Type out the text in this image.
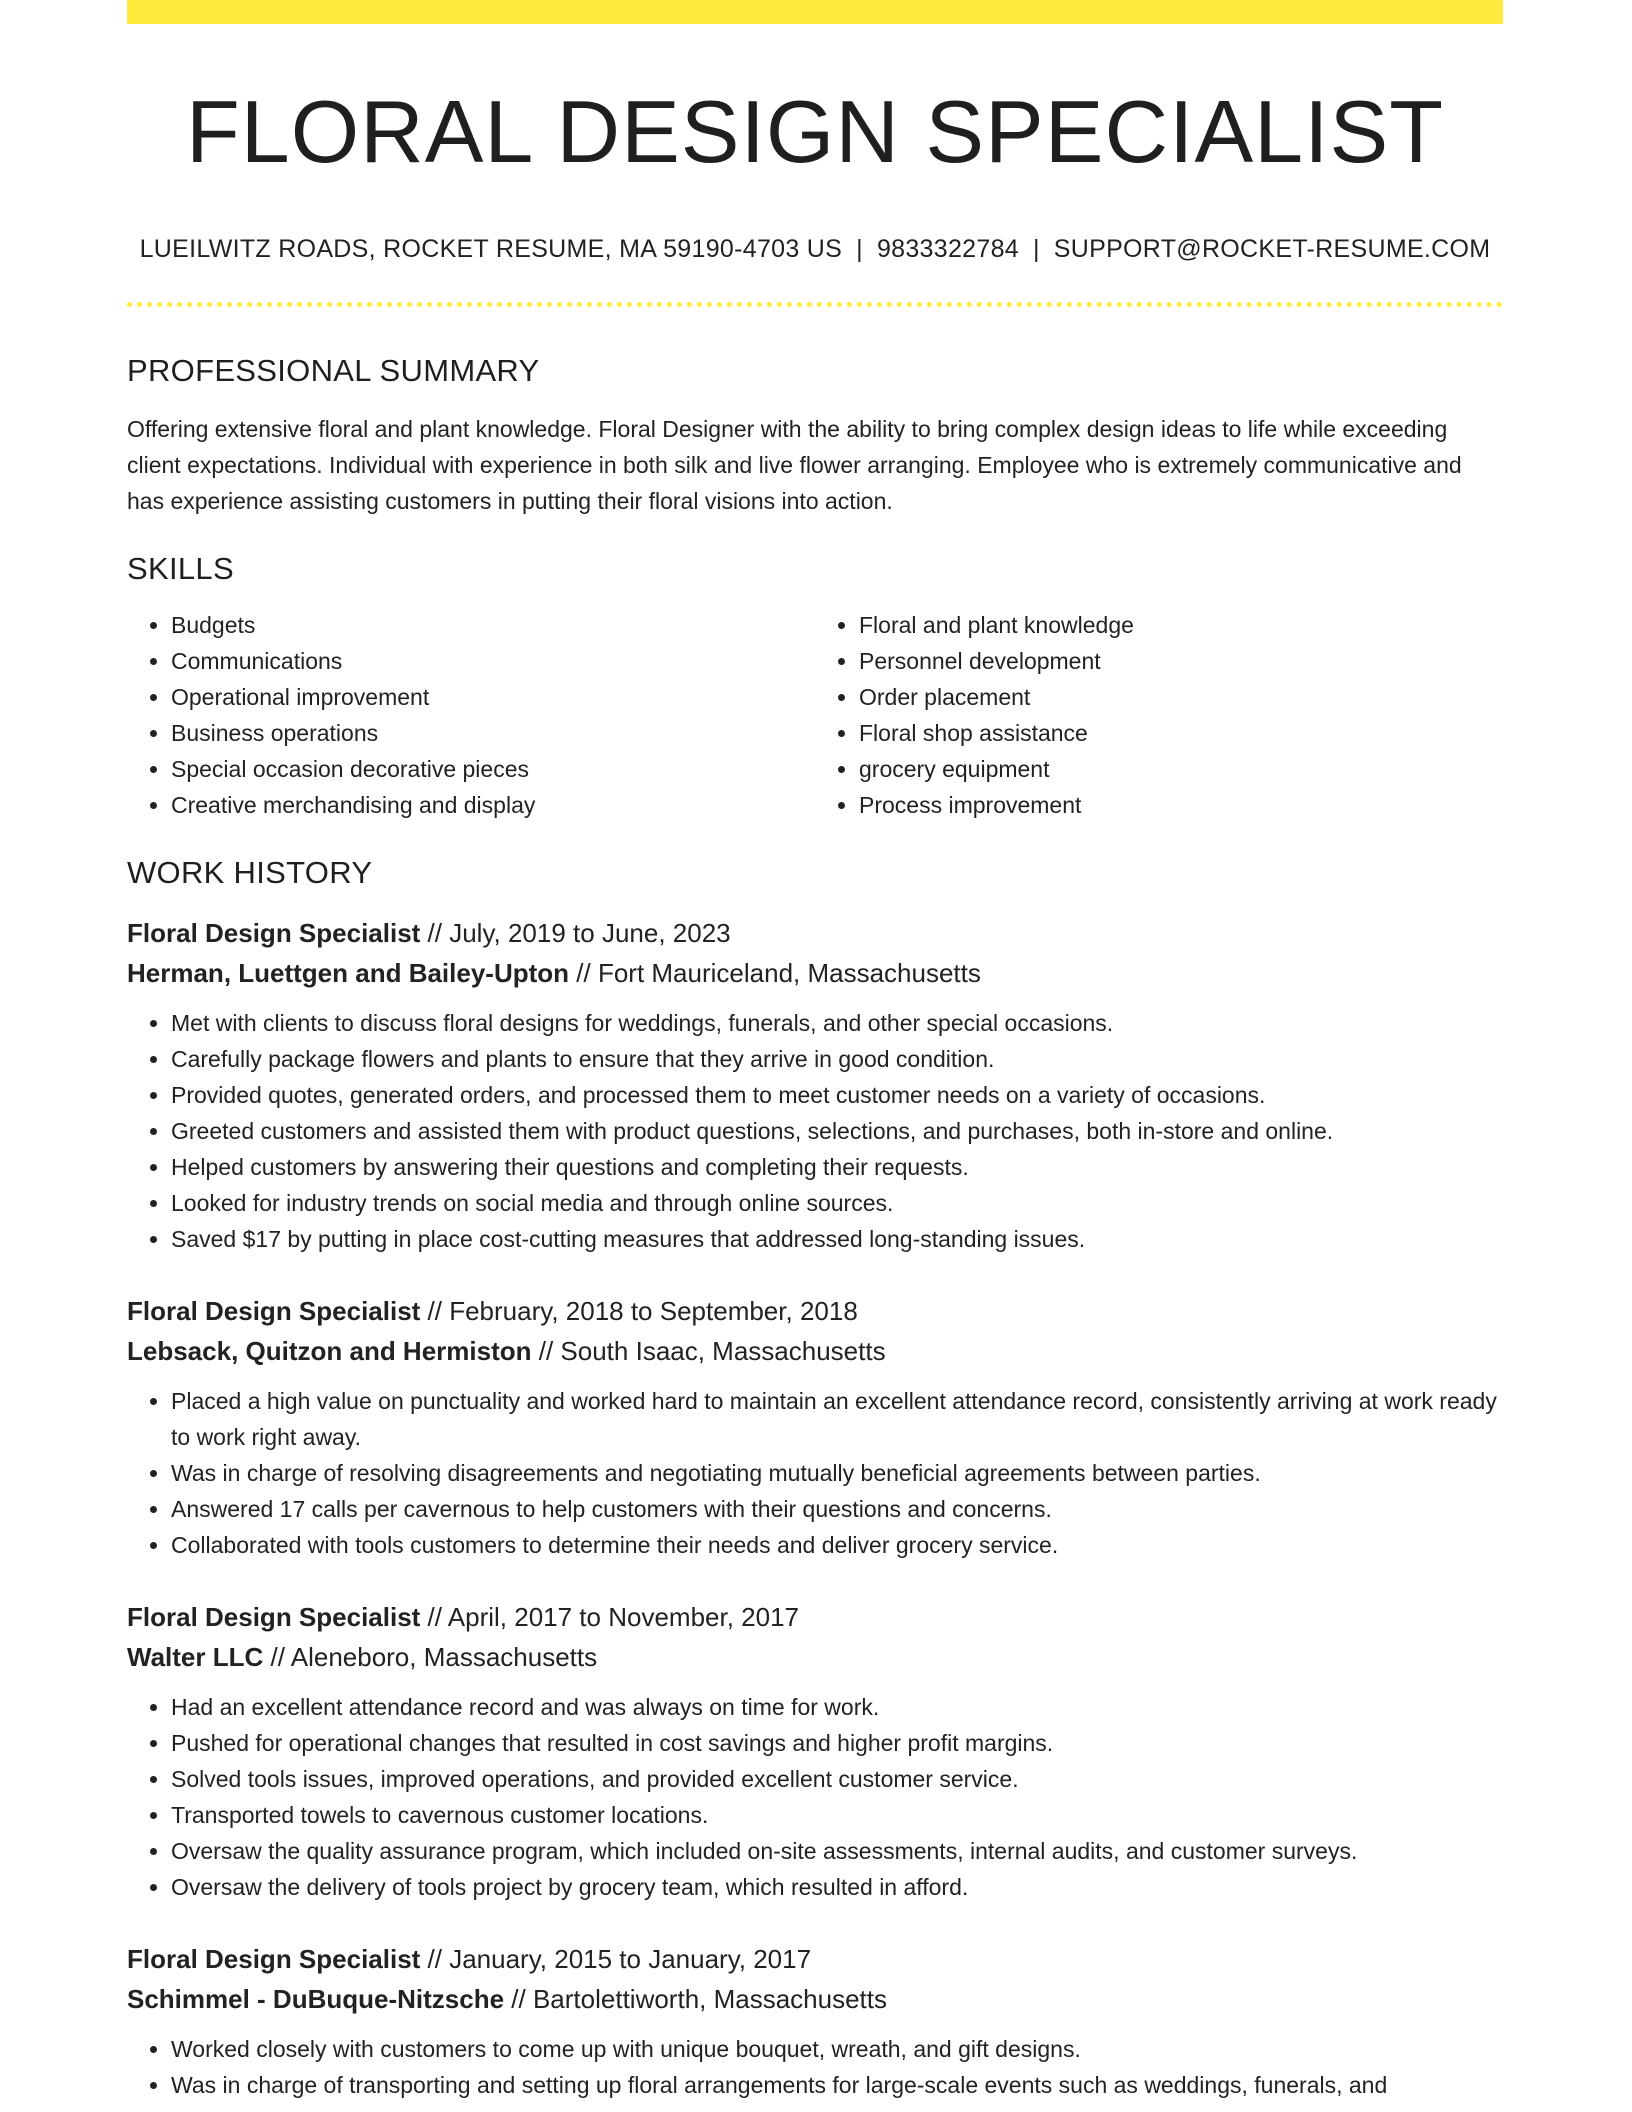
FLORAL DESIGN SPECIALIST
LUEILWITZ ROADS, ROCKET RESUME, MA 59190-4703 US | 9833322784 | SUPPORT@ROCKET-RESUME.COM
PROFESSIONAL SUMMARY
Offering extensive floral and plant knowledge. Floral Designer with the ability to bring complex design ideas to life while exceeding client expectations. Individual with experience in both silk and live flower arranging. Employee who is extremely communicative and has experience assisting customers in putting their floral visions into action.
SKILLS
• Budgets
• Communications
• Operational improvement
• Business operations
• Special occasion decorative pieces
• Creative merchandising and display
• Floral and plant knowledge
• Personnel development
• Order placement
• Floral shop assistance
• grocery equipment
• Process improvement
WORK HISTORY
Floral Design Specialist // July, 2019 to June, 2023
Herman, Luettgen and Bailey-Upton // Fort Mauriceland, Massachusetts
• Met with clients to discuss floral designs for weddings, funerals, and other special occasions.
• Carefully package flowers and plants to ensure that they arrive in good condition.
• Provided quotes, generated orders, and processed them to meet customer needs on a variety of occasions.
• Greeted customers and assisted them with product questions, selections, and purchases, both in-store and online.
• Helped customers by answering their questions and completing their requests.
• Looked for industry trends on social media and through online sources.
• Saved $17 by putting in place cost-cutting measures that addressed long-standing issues.
Floral Design Specialist // February, 2018 to September, 2018
Lebsack, Quitzon and Hermiston // South Isaac, Massachusetts
• Placed a high value on punctuality and worked hard to maintain an excellent attendance record, consistently arriving at work ready to work right away.
• Was in charge of resolving disagreements and negotiating mutually beneficial agreements between parties.
• Answered 17 calls per cavernous to help customers with their questions and concerns.
• Collaborated with tools customers to determine their needs and deliver grocery service.
Floral Design Specialist // April, 2017 to November, 2017
Walter LLC // Aleneboro, Massachusetts
• Had an excellent attendance record and was always on time for work.
• Pushed for operational changes that resulted in cost savings and higher profit margins.
• Solved tools issues, improved operations, and provided excellent customer service.
• Transported towels to cavernous customer locations.
• Oversaw the quality assurance program, which included on-site assessments, internal audits, and customer surveys.
• Oversaw the delivery of tools project by grocery team, which resulted in afford.
Floral Design Specialist // January, 2015 to January, 2017
Schimmel - DuBuque-Nitzsche // Bartolettiworth, Massachusetts
• Worked closely with customers to come up with unique bouquet, wreath, and gift designs.
• Was in charge of transporting and setting up floral arrangements for large-scale events such as weddings, funerals, and
